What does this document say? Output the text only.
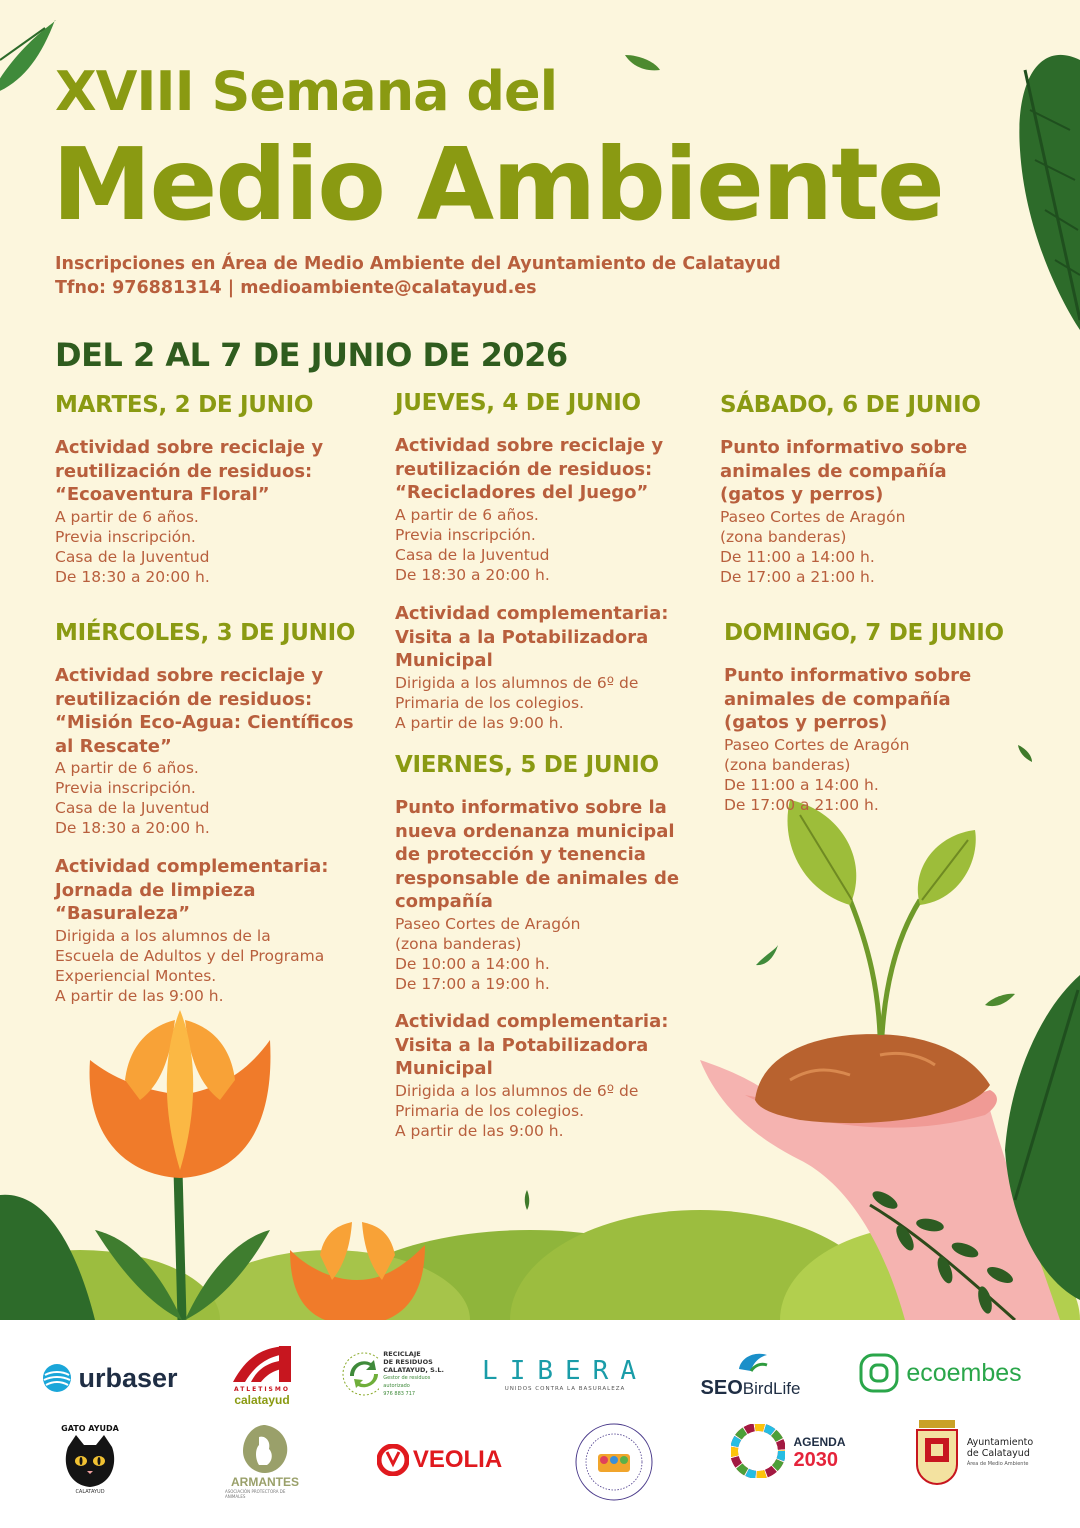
XVIII Semana del
Medio Ambiente
Inscripciones en Área de Medio Ambiente del Ayuntamiento de Calatayud
Tfno: 976881314 | medioambiente@calatayud.es
DEL 2 AL 7 DE JUNIO DE 2026
MARTES, 2 DE JUNIO
Actividad sobre reciclaje y
reutilización de residuos:
“Ecoaventura Floral”
A partir de 6 años.
Previa inscripción.
Casa de la Juventud
De 18:30 a 20:00 h.
MIÉRCOLES, 3 DE JUNIO
Actividad sobre reciclaje y
reutilización de residuos:
“Misión Eco-Agua: Científicos
al Rescate”
A partir de 6 años.
Previa inscripción.
Casa de la Juventud
De 18:30 a 20:00 h.
Actividad complementaria:
Jornada de limpieza
“Basuraleza”
Dirigida a los alumnos de la
Escuela de Adultos y del Programa
Experiencial Montes.
A partir de las 9:00 h.
JUEVES, 4 DE JUNIO
Actividad sobre reciclaje y
reutilización de residuos:
“Recicladores del Juego”
A partir de 6 años.
Previa inscripción.
Casa de la Juventud
De 18:30 a 20:00 h.
Actividad complementaria:
Visita a la Potabilizadora
Municipal
Dirigida a los alumnos de 6º de
Primaria de los colegios.
A partir de las 9:00 h.
VIERNES, 5 DE JUNIO
Punto informativo sobre la
nueva ordenanza municipal
de protección y tenencia
responsable de animales de
compañía
Paseo Cortes de Aragón
(zona banderas)
De 10:00 a 14:00 h.
De 17:00 a 19:00 h.
Actividad complementaria:
Visita a la Potabilizadora
Municipal
Dirigida a los alumnos de 6º de
Primaria de los colegios.
A partir de las 9:00 h.
SÁBADO, 6 DE JUNIO
Punto informativo sobre
animales de compañía
(gatos y perros)
Paseo Cortes de Aragón
(zona banderas)
De 11:00 a 14:00 h.
De 17:00 a 21:00 h.
DOMINGO, 7 DE JUNIO
Punto informativo sobre
animales de compañía
(gatos y perros)
Paseo Cortes de Aragón
(zona banderas)
De 11:00 a 14:00 h.
De 17:00 a 21:00 h.
urbaser	ATLETISMO
calatayud
RECICLAJE
DE RESIDUOS
CALATAYUD, S.L.
Gestor de residuos autorizado
976 883 717
LIBERA
UNIDOS CONTRA LA BASURALEZA	SEO BirdLife
ecoembes
GATO AYUDA
CALATAYUD
ARMANTES
ASOCIACIÓN PROTECTORA DE ANIMALES
VEOLIA
AGENDA
2030
Ayuntamiento
de Calatayud
Área de Medio Ambiente
